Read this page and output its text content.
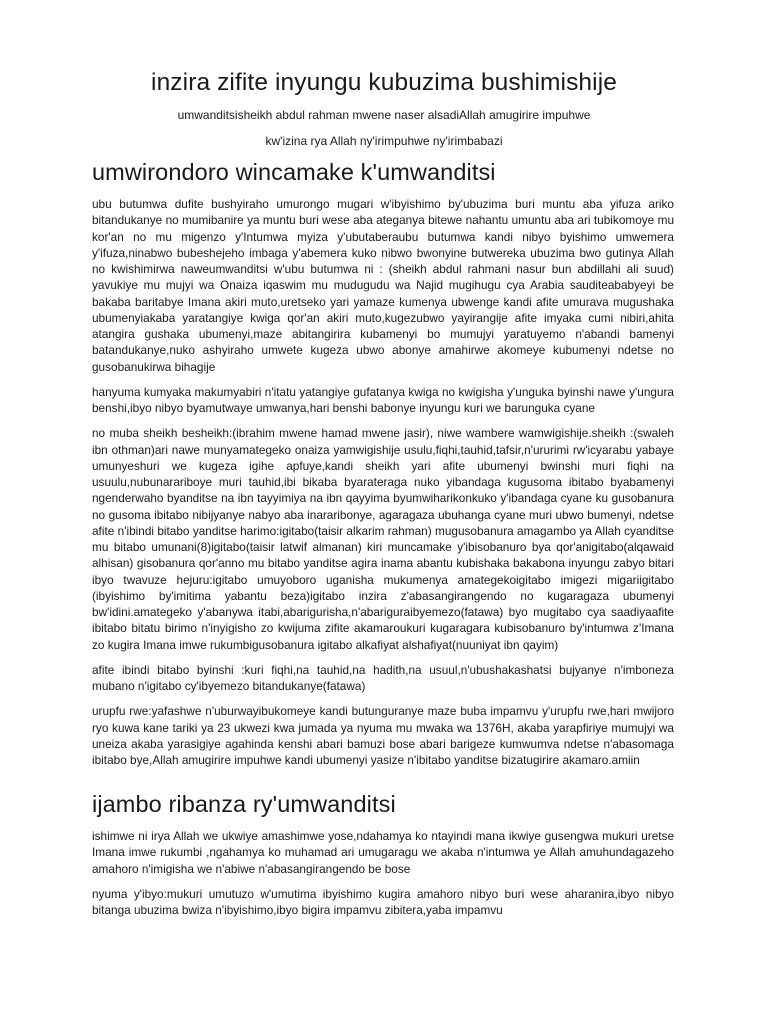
inzira zifite inyungu kubuzima bushimishije

umwanditsisheikh abdul rahman mwene naser alsadiAllah amugirire impuhwe

kw'izina rya Allah ny'irimpuhwe ny'irimbabazi

umwirondoro wincamake k'umwanditsi

ubu butumwa dufite bushyiraho umurongo mugari w'ibyishimo by'ubuzima buri muntu aba yifuza ariko bitandukanye no mumibanire ya muntu buri wese aba ateganya bitewe nahantu umuntu aba ari tubikomoye mu kor'an no mu migenzo y'Intumwa myiza y'ubutaberaubu butumwa kandi nibyo byishimo umwemera y'ifuza,ninabwo bubeshejeho imbaga y'abemera kuko nibwo bwonyine butwereka ubuzima bwo gutinya Allah no kwishimirwa naweumwanditsi w'ubu butumwa ni : (sheikh abdul rahmani nasur bun abdillahi ali suud) yavukiye mu mujyi wa Onaiza iqaswim mu mudugudu wa Najid mugihugu cya Arabia sauditeababyeyi be bakaba baritabye Imana akiri muto,uretseko yari yamaze kumenya ubwenge kandi afite umurava mugushaka ubumenyiakaba yaratangiye kwiga qor'an akiri muto,kugezubwo yayirangije afite imyaka cumi nibiri,ahita atangira gushaka ubumenyi,maze abitangirira kubamenyi bo mumujyi yaratuyemo n'abandi bamenyi batandukanye,nuko ashyiraho umwete kugeza ubwo abonye amahirwe akomeye kubumenyi ndetse no gusobanukirwa bihagije

hanyuma kumyaka makumyabiri n'itatu yatangiye gufatanya kwiga no kwigisha y'unguka byinshi nawe y'ungura benshi,ibyo nibyo byamutwaye umwanya,hari benshi babonye inyungu kuri we barunguka cyane

no muba sheikh besheikh:(ibrahim mwene hamad mwene jasir), niwe wambere wamwigishije.sheikh :(swaleh ibn othman)ari nawe munyamategeko onaiza yamwigishije usulu,fiqhi,tauhid,tafsir,n'ururimi rw'icyarabu yabaye umunyeshuri we kugeza igihe apfuye,kandi sheikh yari afite ubumenyi bwinshi muri fiqhi na usuulu,nubunarariboye muri tauhid,ibi bikaba byarateraga nuko yibandaga kugusoma ibitabo byabamenyi ngenderwaho byanditse na ibn tayyimiya na ibn qayyima byumwiharikonkuko y'ibandaga cyane ku gusobanura no gusoma ibitabo nibijyanye nabyo aba inararibonye, agaragaza ubuhanga cyane muri ubwo bumenyi, ndetse afite n'ibindi bitabo yanditse harimo:igitabo(taisir alkarim rahman) mugusobanura amagambo ya Allah cyanditse mu bitabo umunani(8)igitabo(taisir latwif almanan) kiri muncamake y'ibisobanuro bya qor'anigitabo(alqawaid alhisan) gisobanura qor'anno mu bitabo yanditse agira inama abantu kubishaka bakabona inyungu zabyo bitari ibyo twavuze hejuru:igitabo umuyoboro uganisha mukumenya amategekoigitabo imigezi migariigitabo (ibyishimo by'imitima yabantu beza)igitabo inzira z'abasangirangendo no kugaragaza ubumenyi bw'idini.amategeko y'abanywa itabi,abarigurisha,n'abariguraibyemezo(fatawa) byo mugitabo cya saadiyaafite ibitabo bitatu birimo n'inyigisho zo kwijuma zifite akamaroukuri kugaragara kubisobanuro by'intumwa z'Imana zo kugira Imana imwe rukumbigusobanura igitabo alkafiyat alshafiyat(nuuniyat ibn qayim)

afite ibindi bitabo byinshi :kuri fiqhi,na tauhid,na hadith,na usuul,n'ubushakashatsi bujyanye n'imboneza mubano n'igitabo cy'ibyemezo bitandukanye(fatawa)

urupfu rwe:yafashwe n'uburwayibukomeye kandi butunguranye maze buba impamvu y'urupfu rwe,hari mwijoro ryo kuwa kane tariki ya 23 ukwezi kwa jumada ya nyuma mu mwaka wa 1376H, akaba yarapfiriye mumujyi wa uneiza akaba yarasigiye agahinda kenshi abari bamuzi bose abari barigeze kumwumva ndetse n'abasomaga ibitabo bye,Allah amugirire impuhwe kandi ubumenyi yasize n'ibitabo yanditse bizatugirire akamaro.amiin

ijambo ribanza ry'umwanditsi

ishimwe ni irya Allah we ukwiye amashimwe yose,ndahamya ko ntayindi mana ikwiye gusengwa mukuri uretse Imana imwe rukumbi ,ngahamya ko muhamad ari umugaragu we akaba n'intumwa ye Allah amuhundagazeho amahoro n'imigisha we n'abiwe n'abasangirangendo be bose

nyuma y'ibyo:mukuri umutuzo w'umutima ibyishimo kugira amahoro nibyo buri wese aharanira,ibyo nibyo bitanga ubuzima bwiza n'ibyishimo,ibyo bigira impamvu zibitera,yaba impamvu
